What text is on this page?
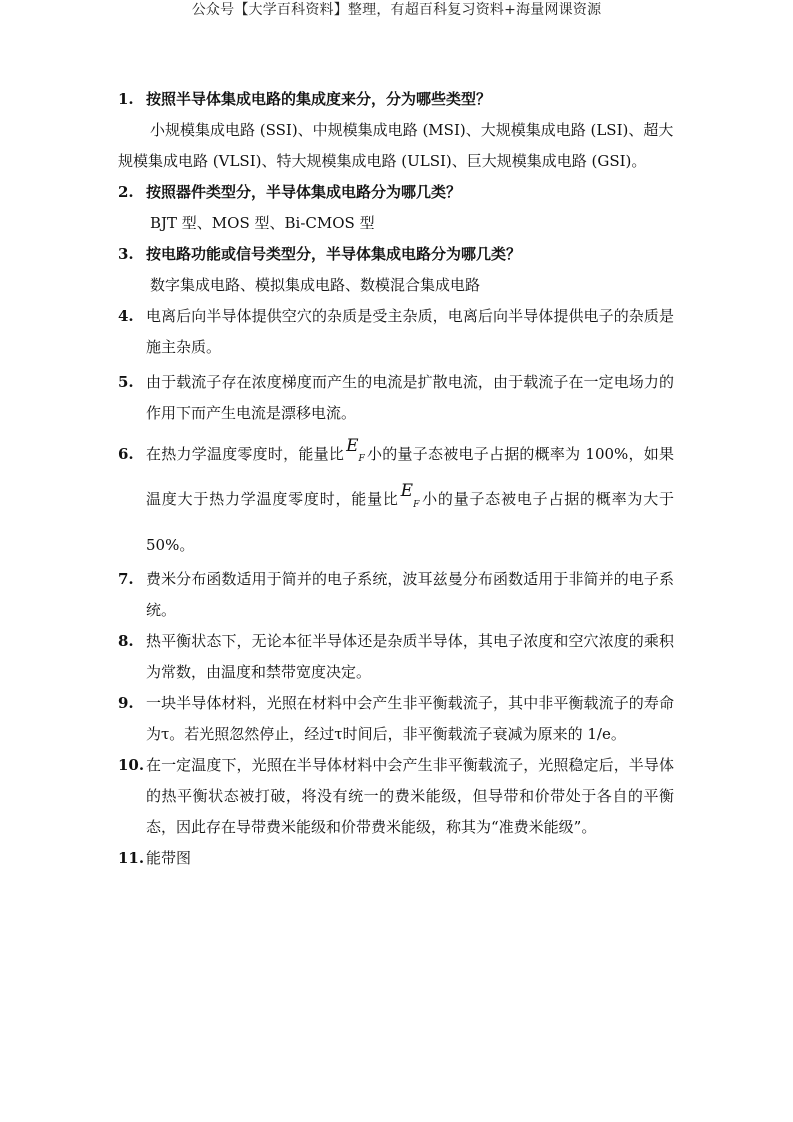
公众号【大学百科资料】整理，有超百科复习资料+海量网课资源
1. 按照半导体集成电路的集成度来分，分为哪些类型？
小规模集成电路 (SSI)、中规模集成电路 (MSI)、大规模集成电路 (LSI)、超大规模集成电路 (VLSI)、特大规模集成电路 (ULSI)、巨大规模集成电路 (GSI)。
2. 按照器件类型分，半导体集成电路分为哪几类？
BJT 型、MOS 型、Bi-CMOS 型
3. 按电路功能或信号类型分，半导体集成电路分为哪几类？
数字集成电路、模拟集成电路、数模混合集成电路
4. 电离后向半导体提供空穴的杂质是受主杂质，电离后向半导体提供电子的杂质是施主杂质。
5. 由于载流子存在浓度梯度而产生的电流是扩散电流，由于载流子在一定电场力的作用下而产生电流是漂移电流。
6. 在热力学温度零度时，能量比 $E_F$ 小的量子态被电子占据的概率为 100%，如果温度大于热力学温度零度时，能量比 $E_F$ 小的量子态被电子占据的概率为大于 50%。
7. 费米分布函数适用于简并的电子系统，波耳兹曼分布函数适用于非简并的电子系统。
8. 热平衡状态下，无论本征半导体还是杂质半导体，其电子浓度和空穴浓度的乘积为常数，由温度和禁带宽度决定。
9. 一块半导体材料，光照在材料中会产生非平衡载流子，其中非平衡载流子的寿命为τ。若光照忽然停止，经过τ时间后，非平衡载流子衰减为原来的 1/e。
10. 在一定温度下，光照在半导体材料中会产生非平衡载流子，光照稳定后，半导体的热平衡状态被打破，将没有统一的费米能级，但导带和价带处于各自的平衡态，因此存在导带费米能级和价带费米能级，称其为“准费米能级”。
11. 能带图
